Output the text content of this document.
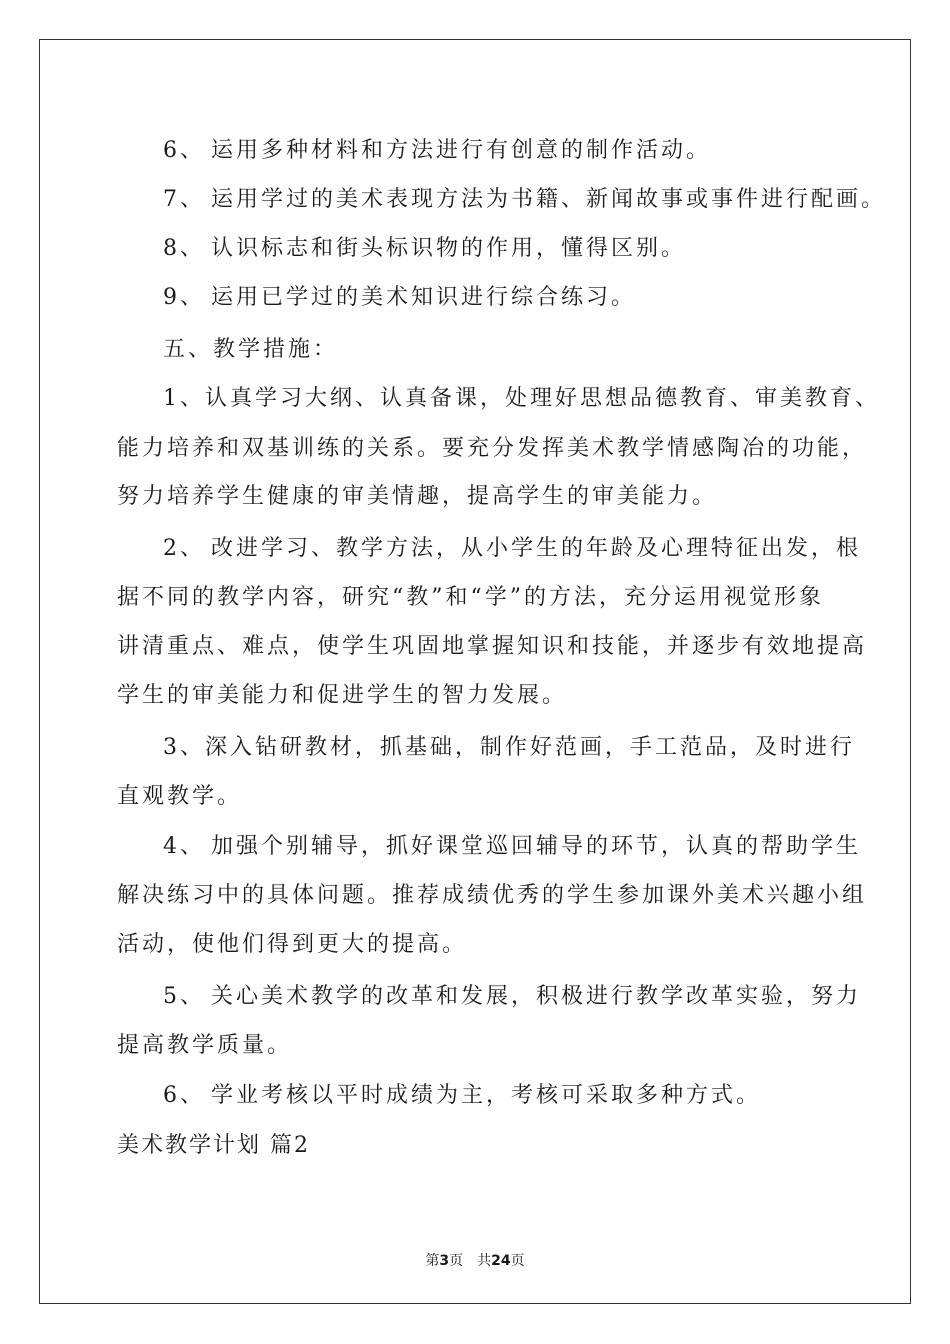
6、 运用多种材料和方法进行有创意的制作活动。
7、 运用学过的美术表现方法为书籍、新闻故事或事件进行配画。
8、 认识标志和街头标识物的作用，懂得区别。
9、 运用已学过的美术知识进行综合练习。
五、教学措施：
1、认真学习大纲、认真备课，处理好思想品德教育、审美教育、
能力培养和双基训练的关系。要充分发挥美术教学情感陶冶的功能，
努力培养学生健康的审美情趣，提高学生的审美能力。
2、 改进学习、教学方法，从小学生的年龄及心理特征出发，根
据不同的教学内容，研究“教”和“学”的方法，充分运用视觉形象
讲清重点、难点，使学生巩固地掌握知识和技能，并逐步有效地提高
学生的审美能力和促进学生的智力发展。
3、深入钻研教材，抓基础，制作好范画，手工范品，及时进行
直观教学。
4、 加强个别辅导，抓好课堂巡回辅导的环节，认真的帮助学生
解决练习中的具体问题。推荐成绩优秀的学生参加课外美术兴趣小组
活动，使他们得到更大的提高。
5、 关心美术教学的改革和发展，积极进行教学改革实验，努力
提高教学质量。
6、 学业考核以平时成绩为主，考核可采取多种方式。
美术教学计划 篇2
第3页　共24页
